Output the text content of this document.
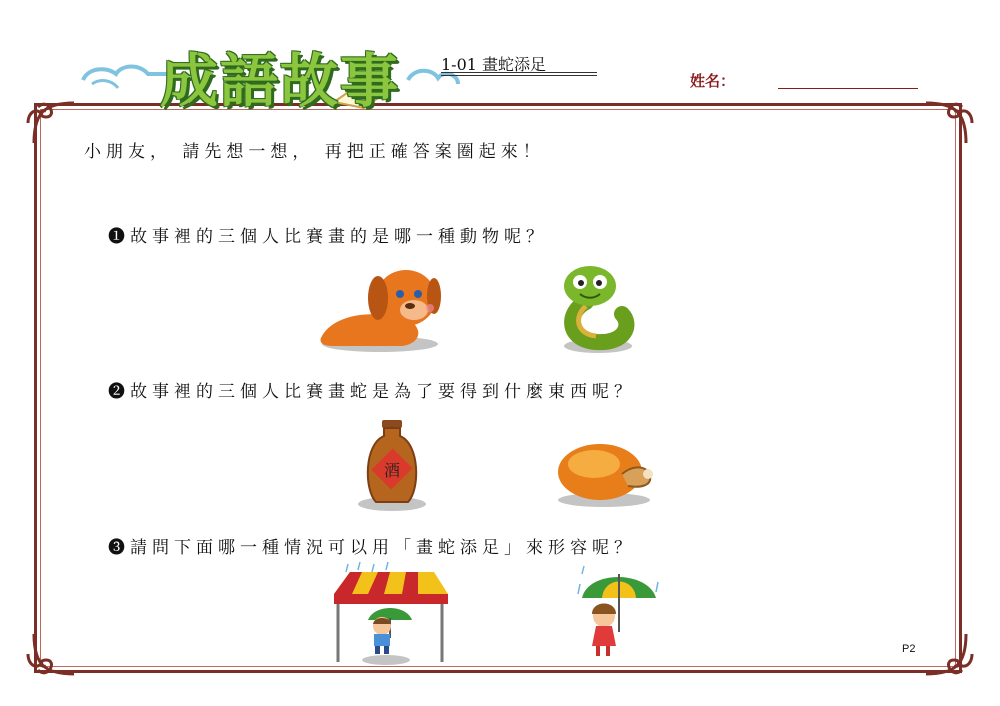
成語故事	1-01 畫蛇添足
姓名：
小朋友， 請先想一想， 再把正確答案圈起來！
❶故事裡的三個人比賽畫的是哪一種動物呢？
❷故事裡的三個人比賽畫蛇是為了要得到什麼東西呢？
酒
❸請問下面哪一種情況可以用「畫蛇添足」來形容呢？
P2
